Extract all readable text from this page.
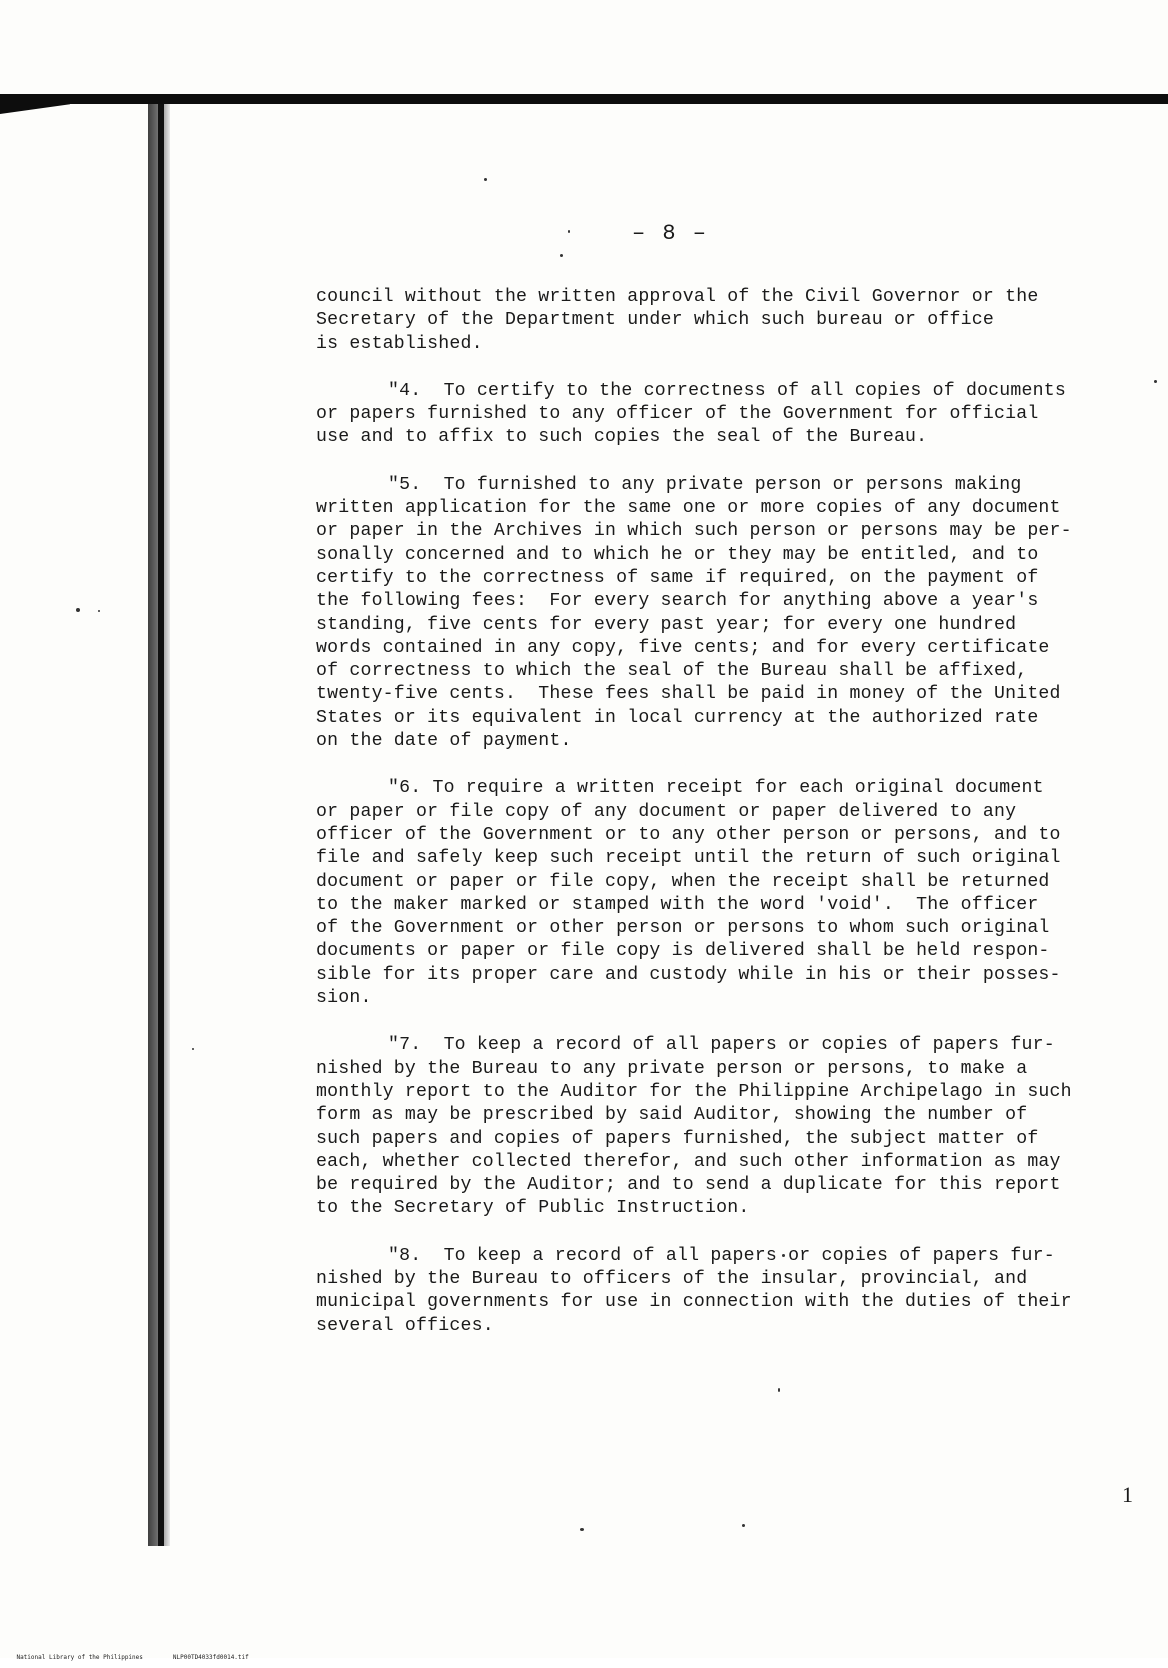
– 8 –
council without the written approval of the Civil Governor or the
Secretary of the Department under which such bureau or office
is established.
"4.  To certify to the correctness of all copies of documents
or papers furnished to any officer of the Government for official
use and to affix to such copies the seal of the Bureau.
"5.  To furnished to any private person or persons making
written application for the same one or more copies of any document
or paper in the Archives in which such person or persons may be per-
sonally concerned and to which he or they may be entitled, and to
certify to the correctness of same if required, on the payment of
the following fees:  For every search for anything above a year's
standing, five cents for every past year; for every one hundred
words contained in any copy, five cents; and for every certificate
of correctness to which the seal of the Bureau shall be affixed,
twenty-five cents.  These fees shall be paid in money of the United
States or its equivalent in local currency at the authorized rate
on the date of payment.
"6. To require a written receipt for each original document
or paper or file copy of any document or paper delivered to any
officer of the Government or to any other person or persons, and to
file and safely keep such receipt until the return of such original
document or paper or file copy, when the receipt shall be returned
to the maker marked or stamped with the word 'void'.  The officer
of the Government or other person or persons to whom such original
documents or paper or file copy is delivered shall be held respon-
sible for its proper care and custody while in his or their posses-
sion.
"7.  To keep a record of all papers or copies of papers fur-
nished by the Bureau to any private person or persons, to make a
monthly report to the Auditor for the Philippine Archipelago in such
form as may be prescribed by said Auditor, showing the number of
such papers and copies of papers furnished, the subject matter of
each, whether collected therefor, and such other information as may
be required by the Auditor; and to send a duplicate for this report
to the Secretary of Public Instruction.
"8.  To keep a record of all papers or copies of papers fur-
nished by the Bureau to officers of the insular, provincial, and
municipal governments for use in connection with the duties of their
several offices.
1

National Library of the Philippines	NLP00TD4033fd0014.tif
